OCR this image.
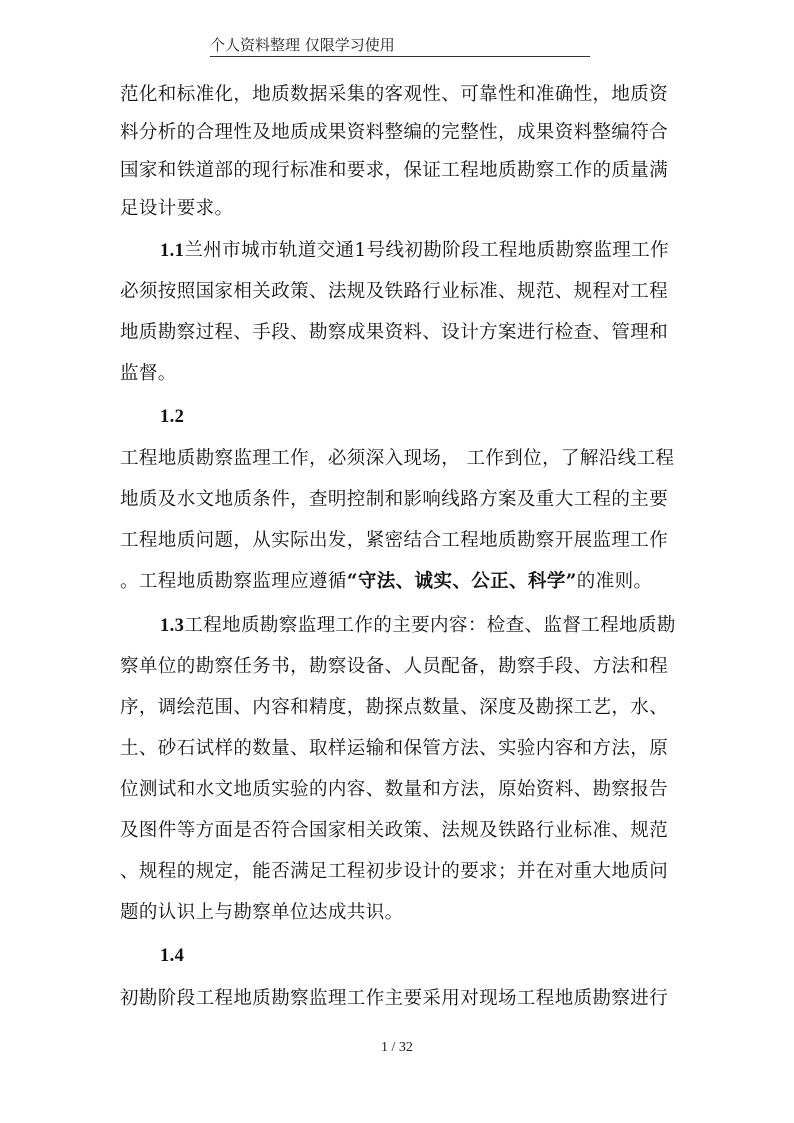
个人资料整理 仅限学习使用
范化和标准化，地质数据采集的客观性、可靠性和准确性，地质资
料分析的合理性及地质成果资料整编的完整性，成果资料整编符合
国家和铁道部的现行标准和要求，保证工程地质勘察工作的质量满
足设计要求。
1.1兰州市城市轨道交通1号线初勘阶段工程地质勘察监理工作
必须按照国家相关政策、法规及铁路行业标准、规范、规程对工程
地质勘察过程、手段、勘察成果资料、设计方案进行检查、管理和
监督。
1.2
工程地质勘察监理工作，必须深入现场， 工作到位，了解沿线工程
地质及水文地质条件，查明控制和影响线路方案及重大工程的主要
工程地质问题，从实际出发，紧密结合工程地质勘察开展监理工作
。工程地质勘察监理应遵循“守法、诚实、公正、科学”的准则。
1.3工程地质勘察监理工作的主要内容：检查、监督工程地质勘
察单位的勘察任务书，勘察设备、人员配备，勘察手段、方法和程
序，调绘范围、内容和精度，勘探点数量、深度及勘探工艺，水、
土、砂石试样的数量、取样运输和保管方法、实验内容和方法，原
位测试和水文地质实验的内容、数量和方法，原始资料、勘察报告
及图件等方面是否符合国家相关政策、法规及铁路行业标准、规范
、规程的规定，能否满足工程初步设计的要求；并在对重大地质问
题的认识上与勘察单位达成共识。
1.4
初勘阶段工程地质勘察监理工作主要采用对现场工程地质勘察进行
1 / 32
